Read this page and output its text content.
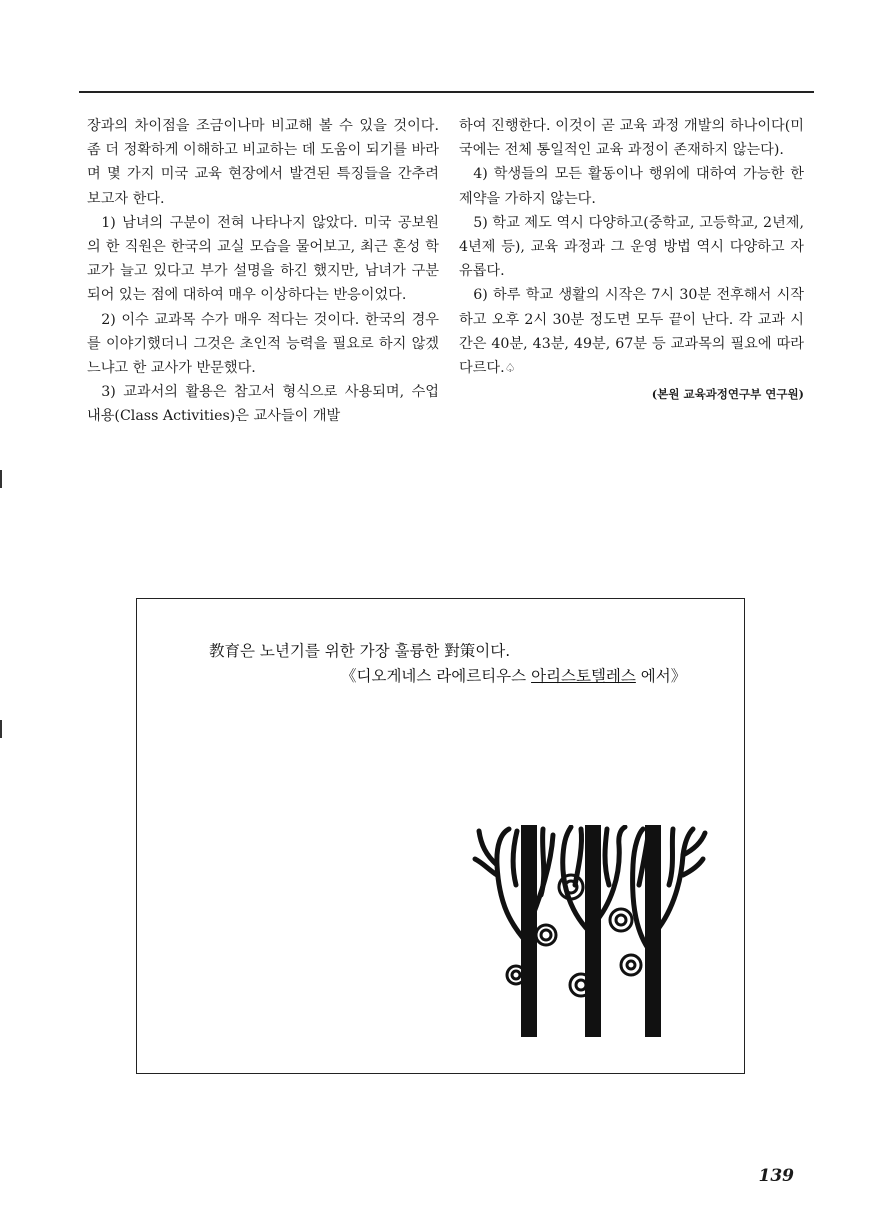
장과의 차이점을 조금이나마 비교해 볼 수 있을 것이다. 좀 더 정확하게 이해하고 비교하는 데 도움이 되기를 바라며 몇 가지 미국 교육 현장에서 발견된 특징들을 간추려 보고자 한다.

1) 남녀의 구분이 전혀 나타나지 않았다. 미국 공보원의 한 직원은 한국의 교실 모습을 물어보고, 최근 혼성 학교가 늘고 있다고 부가 설명을 하긴 했지만, 남녀가 구분되어 있는 점에 대하여 매우 이상하다는 반응이었다.

2) 이수 교과목 수가 매우 적다는 것이다. 한국의 경우를 이야기했더니 그것은 초인적 능력을 필요로 하지 않겠느냐고 한 교사가 반문했다.

3) 교과서의 활용은 참고서 형식으로 사용되며, 수업 내용(Class Activities)은 교사들이 개발

하여 진행한다. 이것이 곧 교육 과정 개발의 하나이다(미국에는 전체 통일적인 교육 과정이 존재하지 않는다).

4) 학생들의 모든 활동이나 행위에 대하여 가능한 한 제약을 가하지 않는다.

5) 학교 제도 역시 다양하고(중학교, 고등학교, 2년제, 4년제 등), 교육 과정과 그 운영 방법 역시 다양하고 자유롭다.

6) 하루 학교 생활의 시작은 7시 30분 전후해서 시작하고 오후 2시 30분 정도면 모두 끝이 난다. 각 교과 시간은 40분, 43분, 49분, 67분 등 교과목의 필요에 따라 다르다.♤

(본원 교육과정연구부 연구원)

教育은 노년기를 위한 가장 훌륭한 對策이다.
《디오게네스 라에르티우스 아리스토텔레스 에서》
139
